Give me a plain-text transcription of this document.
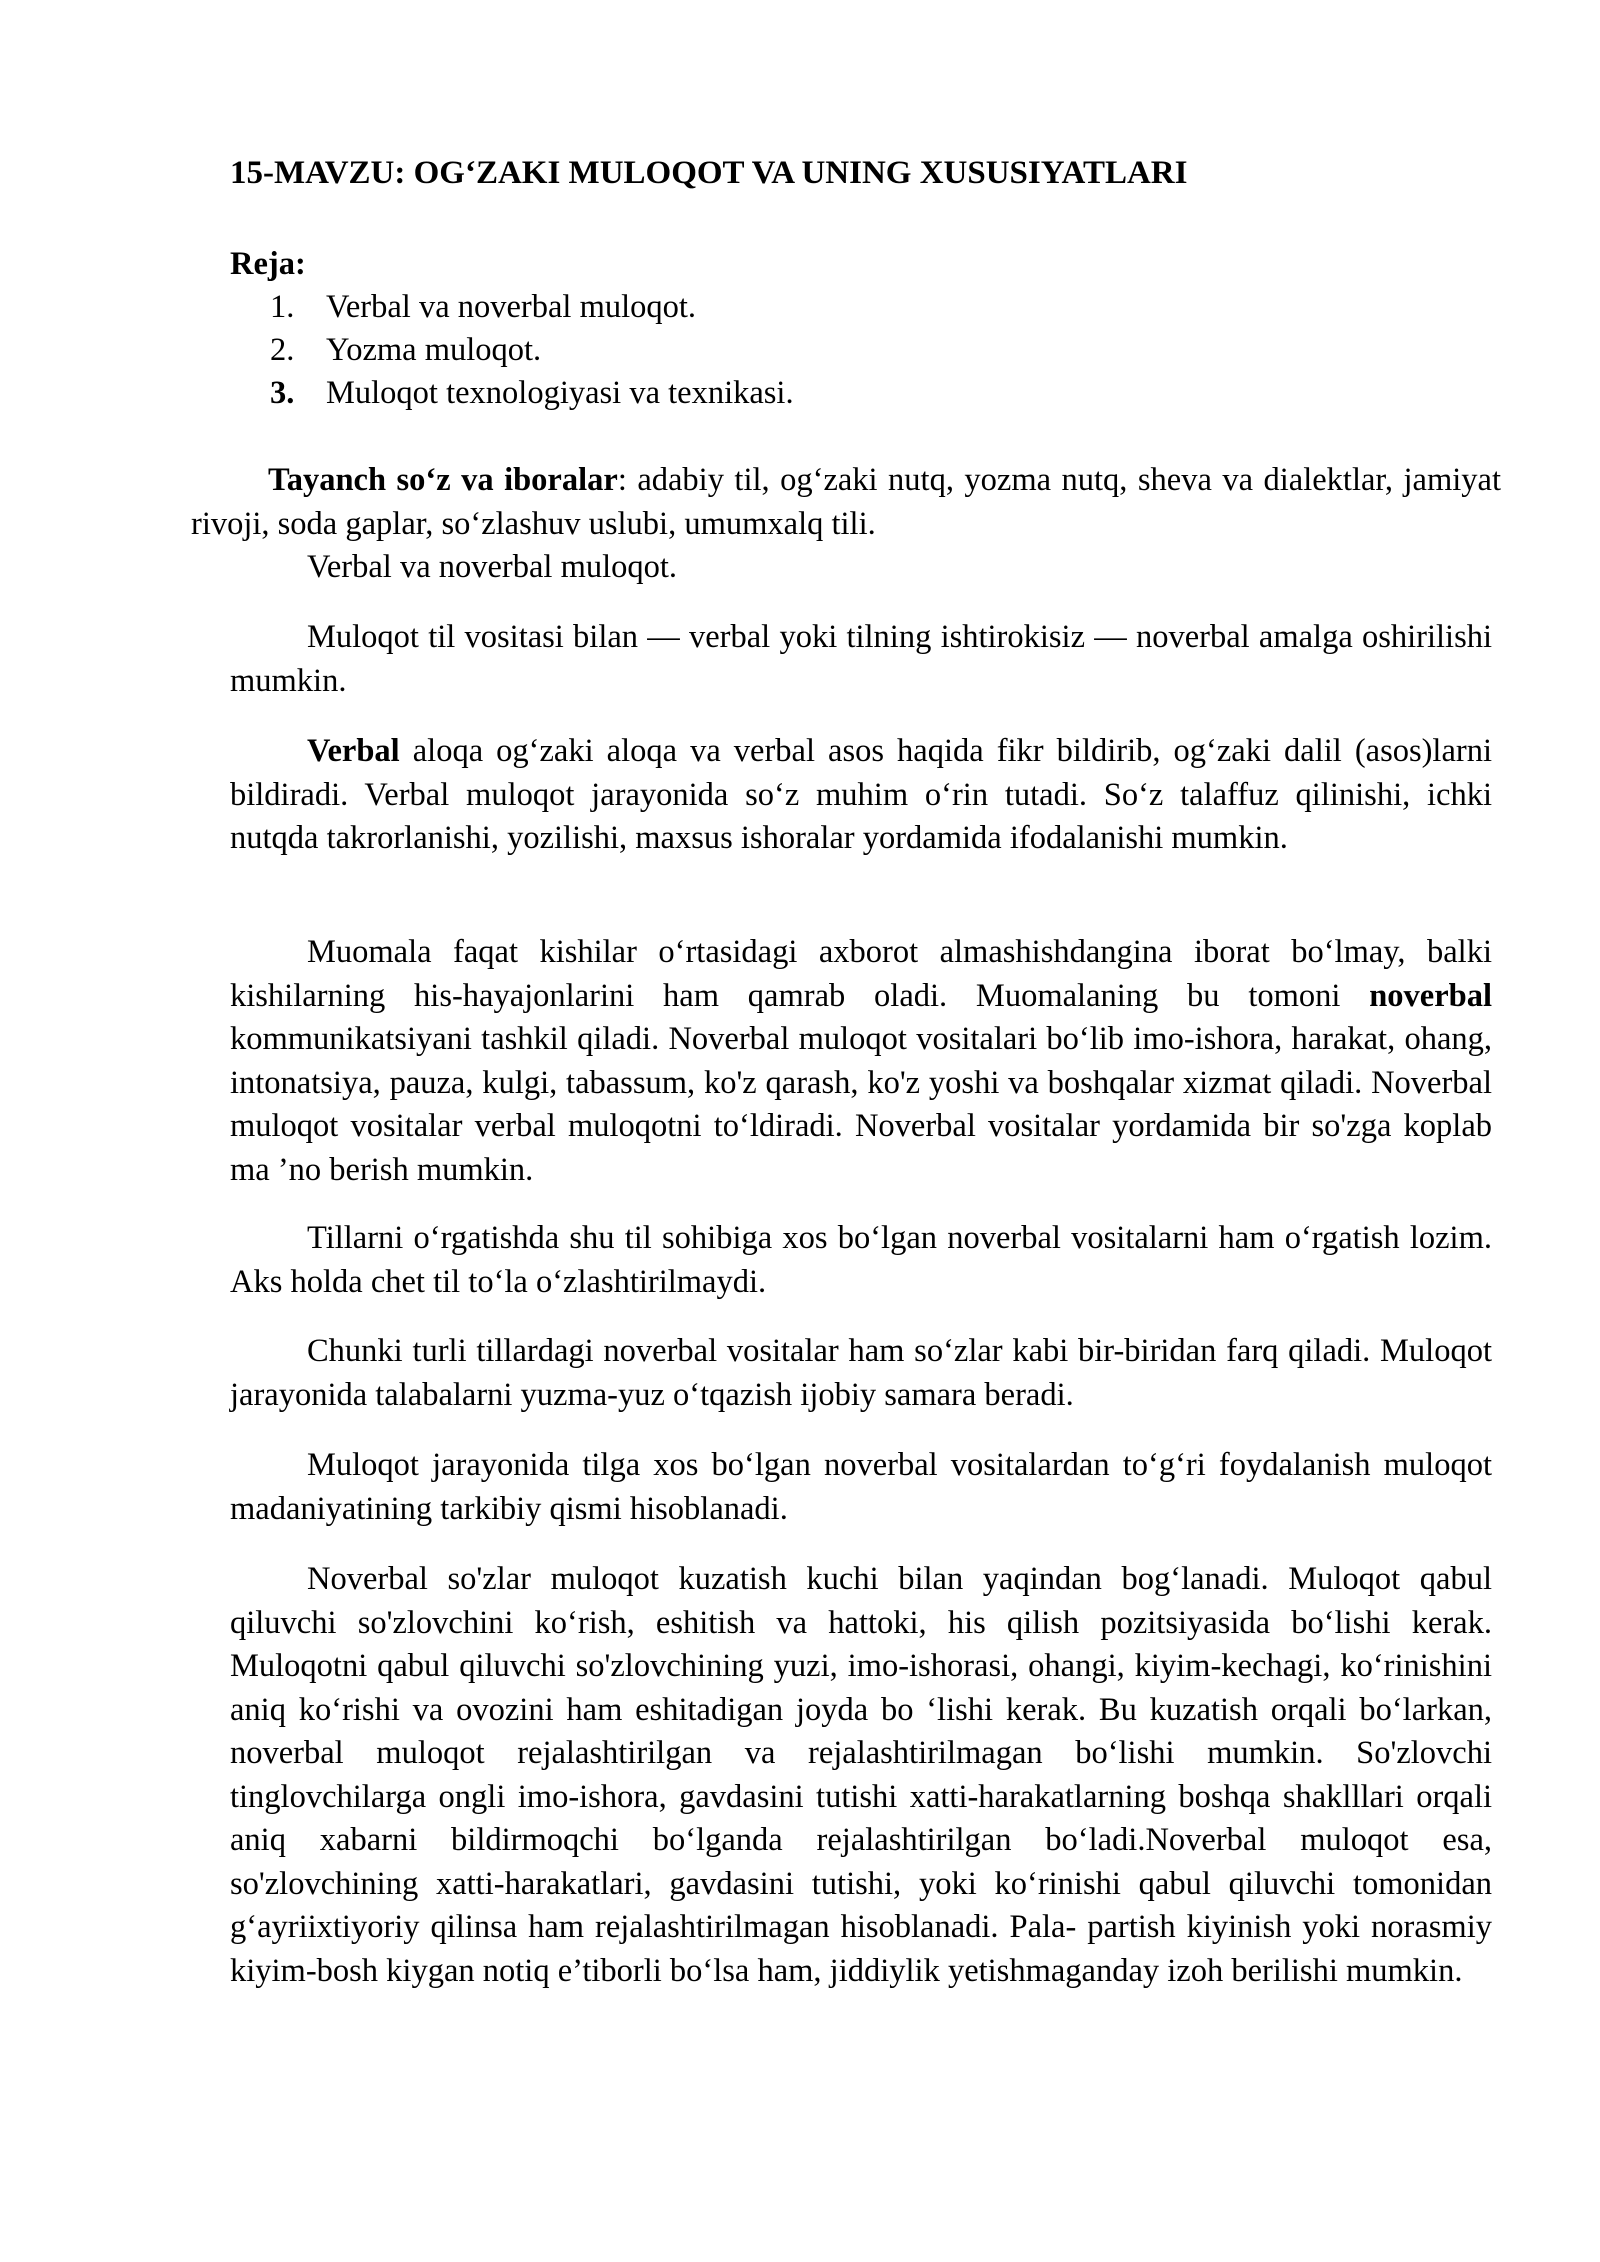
15-MAVZU: OG‘ZAKI MULOQOT VA UNING XUSUSIYATLARI
Reja:
1. Verbal va noverbal muloqot.
2. Yozma muloqot.
3. Muloqot texnologiyasi va texnikasi.

Tayanch so‘z va iboralar: adabiy til, og‘zaki nutq, yozma nutq, sheva va dialektlar, jamiyat rivoji, soda gaplar, so‘zlashuv uslubi, umumxalq tili.

Verbal va noverbal muloqot.

Muloqot til vositasi bilan — verbal yoki tilning ishtirokisiz — noverbal amalga oshirilishi mumkin.

Verbal aloqa og‘zaki aloqa va verbal asos haqida fikr bildirib, og‘zaki dalil (asos)larni bildiradi. Verbal muloqot jarayonida so‘z muhim o‘rin tutadi. So‘z talaffuz qilinishi, ichki nutqda takrorlanishi, yozilishi, maxsus ishoralar yordamida ifodalanishi mumkin.

Muomala faqat kishilar o‘rtasidagi axborot almashishdangina iborat bo‘lmay, balki kishilarning his-hayajonlarini ham qamrab oladi. Muomalaning bu tomoni noverbal kommunikatsiyani tashkil qiladi. Noverbal muloqot vositalari bo‘lib imo-ishora, harakat, ohang, intonatsiya, pauza, kulgi, tabassum, ko'z qarash, ko'z yoshi va boshqalar xizmat qiladi. Noverbal muloqot vositalar verbal muloqotni to‘ldiradi. Noverbal vositalar yordamida bir so'zga koplab ma ’no berish mumkin.

Tillarni o‘rgatishda shu til sohibiga xos bo‘lgan noverbal vositalarni ham o‘rgatish lozim. Aks holda chet til to‘la o‘zlashtirilmaydi.

Chunki turli tillardagi noverbal vositalar ham so‘zlar kabi bir-biridan farq qiladi. Muloqot jarayonida talabalarni yuzma-yuz o‘tqazish ijobiy samara beradi.

Muloqot jarayonida tilga xos bo‘lgan noverbal vositalardan to‘g‘ri foydalanish muloqot madaniyatining tarkibiy qismi hisoblanadi.

Noverbal so'zlar muloqot kuzatish kuchi bilan yaqindan bog‘lanadi. Muloqot qabul qiluvchi so'zlovchini ko‘rish, eshitish va hattoki, his qilish pozitsiyasida bo‘lishi kerak. Muloqotni qabul qiluvchi so'zlovchining yuzi, imo-ishorasi, ohangi, kiyim-kechagi, ko‘rinishini aniq ko‘rishi va ovozini ham eshitadigan joyda bo ‘lishi kerak. Bu kuzatish orqali bo‘larkan, noverbal muloqot rejalashtirilgan va rejalashtirilmagan bo‘lishi mumkin. So'zlovchi tinglovchilarga ongli imo-ishora, gavdasini tutishi xatti-harakatlarning boshqa shaklllari orqali aniq xabarni bildirmoqchi bo‘lganda rejalashtirilgan bo‘ladi.Noverbal muloqot esa, so'zlovchining xatti-harakatlari, gavdasini tutishi, yoki ko‘rinishi qabul qiluvchi tomonidan g‘ayriixtiyoriy qilinsa ham rejalashtirilmagan hisoblanadi. Pala- partish kiyinish yoki norasmiy kiyim-bosh kiygan notiq e’tiborli bo‘lsa ham, jiddiylik yetishmaganday izoh berilishi mumkin.
